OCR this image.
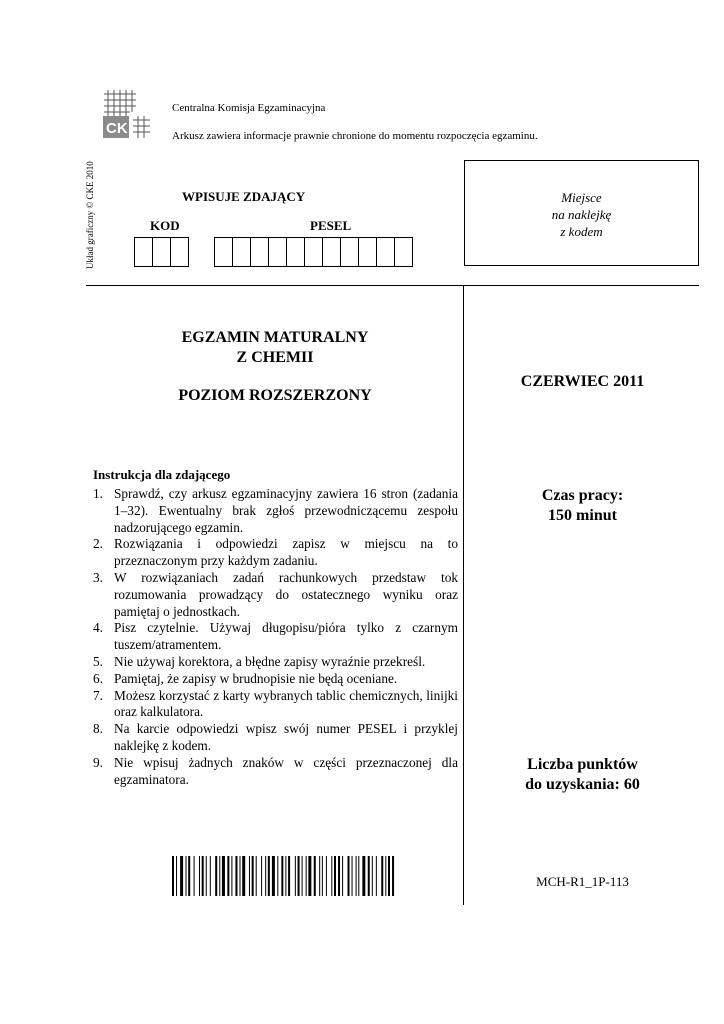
CK
Centralna Komisja Egzaminacyjna
Arkusz zawiera informacje prawnie chronione do momentu rozpoczęcia egzaminu.
Układ graficzny © CKE 2010	WPISUJE ZDAJĄCY
KOD	PESEL
Miejsce
na naklejkę
z kodem
EGZAMIN MATURALNY
Z CHEMII
POZIOM ROZSZERZONY
CZERWIEC 2011
Czas pracy:
150 minut
Liczba punktów
do uzyskania: 60
Instrukcja dla zdającego
1. Sprawdź, czy arkusz egzaminacyjny zawiera 16 stron (zadania 1–32). Ewentualny brak zgłoś przewodniczącemu zespołu nadzorującego egzamin.
2. Rozwiązania i odpowiedzi zapisz w miejscu na to przeznaczonym przy każdym zadaniu.
3. W rozwiązaniach zadań rachunkowych przedstaw tok rozumowania prowadzący do ostatecznego wyniku oraz pamiętaj o jednostkach.
4. Pisz czytelnie. Używaj długopisu/pióra tylko z czarnym tuszem/atramentem.
5. Nie używaj korektora, a błędne zapisy wyraźnie przekreśl.
6. Pamiętaj, że zapisy w brudnopisie nie będą oceniane.
7. Możesz korzystać z karty wybranych tablic chemicznych, linijki oraz kalkulatora.
8. Na karcie odpowiedzi wpisz swój numer PESEL i przyklej naklejkę z kodem.
9. Nie wpisuj żadnych znaków w części przeznaczonej dla egzaminatora.
MCH-R1_1P-113
